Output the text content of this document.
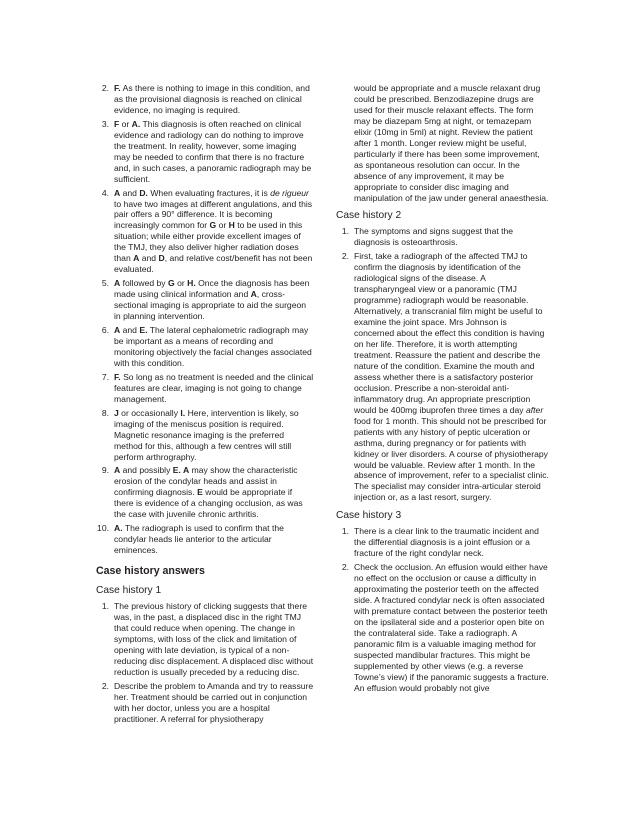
2. F. As there is nothing to image in this condition, and as the provisional diagnosis is reached on clinical evidence, no imaging is required.
3. F or A. This diagnosis is often reached on clinical evidence and radiology can do nothing to improve the treatment. In reality, however, some imaging may be needed to confirm that there is no fracture and, in such cases, a panoramic radiograph may be sufficient.
4. A and D. When evaluating fractures, it is de rigueur to have two images at different angulations, and this pair offers a 90° difference. It is becoming increasingly common for G or H to be used in this situation; while either provide excellent images of the TMJ, they also deliver higher radiation doses than A and D, and relative cost/benefit has not been evaluated.
5. A followed by G or H. Once the diagnosis has been made using clinical information and A, cross-sectional imaging is appropriate to aid the surgeon in planning intervention.
6. A and E. The lateral cephalometric radiograph may be important as a means of recording and monitoring objectively the facial changes associated with this condition.
7. F. So long as no treatment is needed and the clinical features are clear, imaging is not going to change management.
8. J or occasionally I. Here, intervention is likely, so imaging of the meniscus position is required. Magnetic resonance imaging is the preferred method for this, although a few centres will still perform arthrography.
9. A and possibly E. A may show the characteristic erosion of the condylar heads and assist in confirming diagnosis. E would be appropriate if there is evidence of a changing occlusion, as was the case with juvenile chronic arthritis.
10. A. The radiograph is used to confirm that the condylar heads lie anterior to the articular eminences.
Case history answers
Case history 1
1. The previous history of clicking suggests that there was, in the past, a displaced disc in the right TMJ that could reduce when opening. The change in symptoms, with loss of the click and limitation of opening with late deviation, is typical of a non-reducing disc displacement. A displaced disc without reduction is usually preceded by a reducing disc.
2. Describe the problem to Amanda and try to reassure her. Treatment should be carried out in conjunction with her doctor, unless you are a hospital practitioner. A referral for physiotherapy
would be appropriate and a muscle relaxant drug could be prescribed. Benzodiazepine drugs are used for their muscle relaxant effects. The form may be diazepam 5mg at night, or temazepam elixir (10mg in 5ml) at night. Review the patient after 1 month. Longer review might be useful, particularly if there has been some improvement, as spontaneous resolution can occur. In the absence of any improvement, it may be appropriate to consider disc imaging and manipulation of the jaw under general anaesthesia.
Case history 2
1. The symptoms and signs suggest that the diagnosis is osteoarthrosis.
2. First, take a radiograph of the affected TMJ to confirm the diagnosis by identification of the radiological signs of the disease. A transpharyngeal view or a panoramic (TMJ programme) radiograph would be reasonable. Alternatively, a transcranial film might be useful to examine the joint space. Mrs Johnson is concerned about the effect this condition is having on her life. Therefore, it is worth attempting treatment. Reassure the patient and describe the nature of the condition. Examine the mouth and assess whether there is a satisfactory posterior occlusion. Prescribe a non-steroidal anti-inflammatory drug. An appropriate prescription would be 400mg ibuprofen three times a day after food for 1 month. This should not be prescribed for patients with any history of peptic ulceration or asthma, during pregnancy or for patients with kidney or liver disorders. A course of physiotherapy would be valuable. Review after 1 month. In the absence of improvement, refer to a specialist clinic. The specialist may consider intra-articular steroid injection or, as a last resort, surgery.
Case history 3
1. There is a clear link to the traumatic incident and the differential diagnosis is a joint effusion or a fracture of the right condylar neck.
2. Check the occlusion. An effusion would either have no effect on the occlusion or cause a difficulty in approximating the posterior teeth on the affected side. A fractured condylar neck is often associated with premature contact between the posterior teeth on the ipsilateral side and a posterior open bite on the contralateral side. Take a radiograph. A panoramic film is a valuable imaging method for suspected mandibular fractures. This might be supplemented by other views (e.g. a reverse Towne’s view) if the panoramic suggests a fracture. An effusion would probably not give
